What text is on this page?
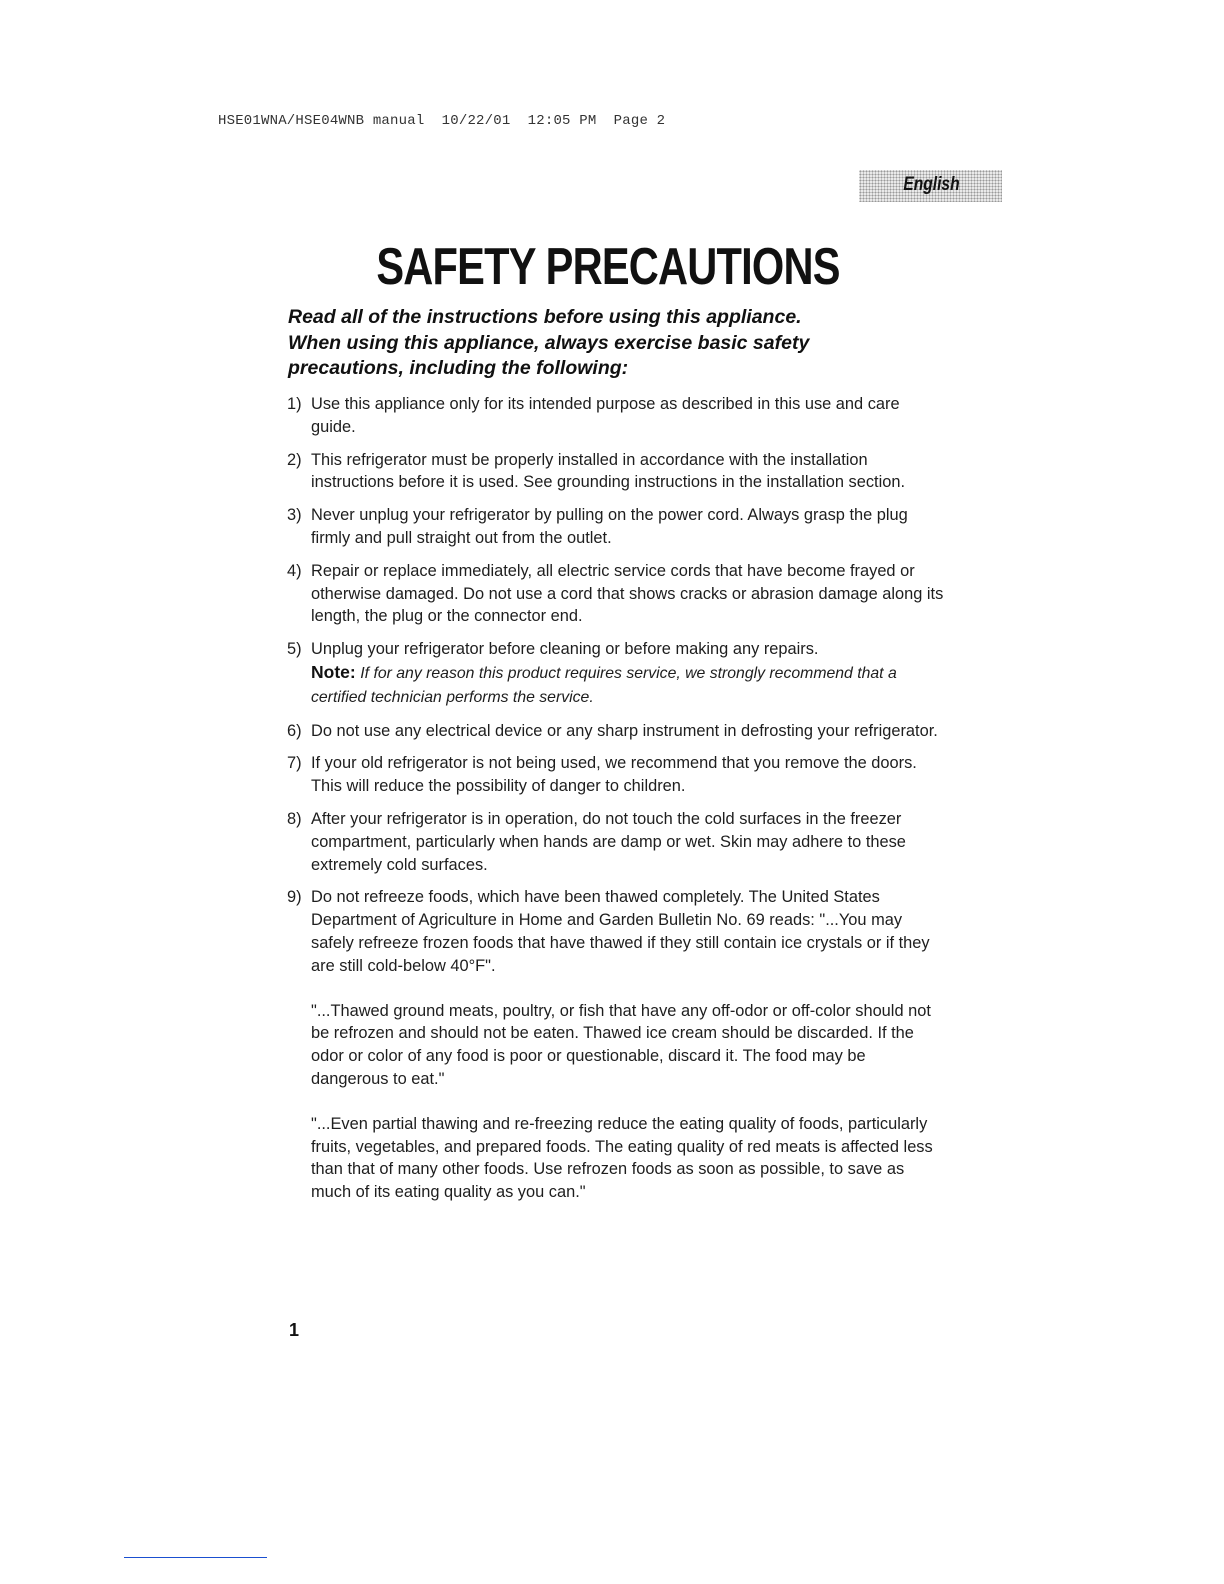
HSE01WNA/HSE04WNB manual  10/22/01  12:05 PM  Page 2
English
SAFETY PRECAUTIONS
Read all of the instructions before using this appliance.
When using this appliance, always exercise basic safety
precautions, including the following:
1) Use this appliance only for its intended purpose as described in this use and care guide.
2) This refrigerator must be properly installed in accordance with the installation instructions before it is used. See grounding instructions in the installation section.
3) Never unplug your refrigerator by pulling on the power cord. Always grasp the plug firmly and pull straight out from the outlet.
4) Repair or replace immediately, all electric service cords that have become frayed or otherwise damaged. Do not use a cord that shows cracks or abrasion damage along its length, the plug or the connector end.
5) Unplug your refrigerator before cleaning or before making any repairs.
Note: If for any reason this product requires service, we strongly recommend that a certified technician performs the service.
6) Do not use any electrical device or any sharp instrument in defrosting your refrigerator.
7) If your old refrigerator is not being used, we recommend that you remove the doors. This will reduce the possibility of danger to children.
8) After your refrigerator is in operation, do not touch the cold surfaces in the freezer compartment, particularly when hands are damp or wet. Skin may adhere to these extremely cold surfaces.
9) Do not refreeze foods, which have been thawed completely. The United States Department of Agriculture in Home and Garden Bulletin No. 69 reads: "...You may safely refreeze frozen foods that have thawed if they still contain ice crystals or if they are still cold-below 40°F".
"...Thawed ground meats, poultry, or fish that have any off-odor or off-color should not be refrozen and should not be eaten. Thawed ice cream should be discarded. If the odor or color of any food is poor or questionable, discard it. The food may be dangerous to eat."
"...Even partial thawing and re-freezing reduce the eating quality of foods, particularly fruits, vegetables, and prepared foods. The eating quality of red meats is affected less than that of many other foods. Use refrozen foods as soon as possible, to save as much of its eating quality as you can."
1
